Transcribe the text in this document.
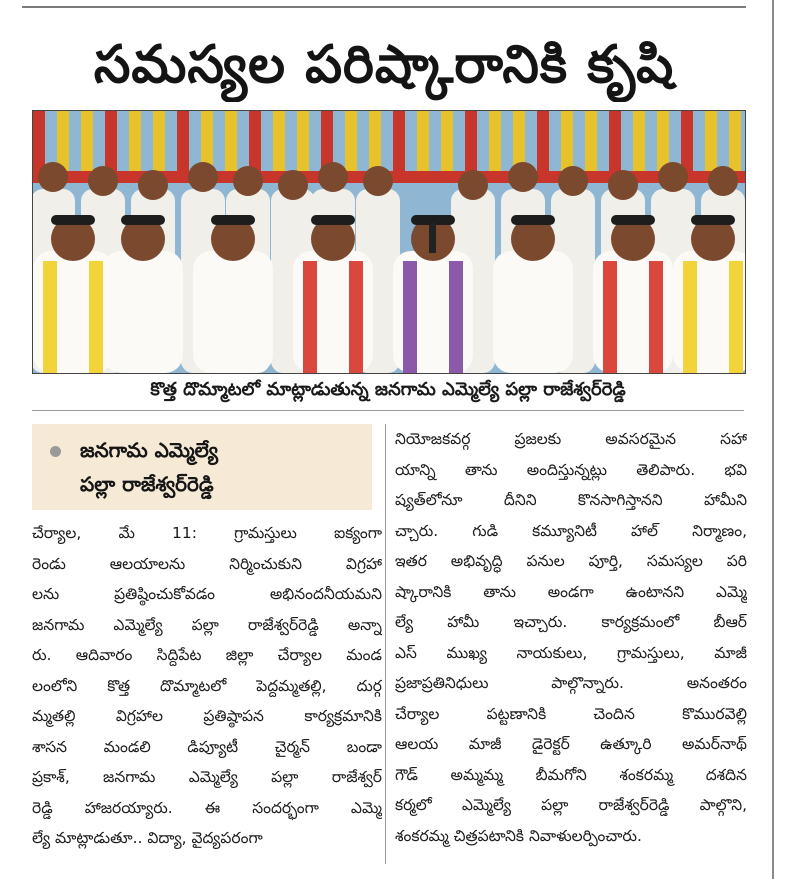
సమస్యల పరిష్కారానికి కృషి
కొత్త దొమ్మాటలో మాట్లాడుతున్న జనగామ ఎమ్మెల్యే పల్లా రాజేశ్వర్‌రెడ్డి
జనగామ ఎమ్మెల్యే
పల్లా రాజేశ్వర్‌రెడ్డి
చేర్యాల, మే 11: గ్రామస్తులు ఐక్యంగా
రెండు ఆలయాలను నిర్మించుకుని విగ్రహా
లను ప్రతిష్ఠించుకోవడం అభినందనీయమని
జనగామ ఎమ్మెల్యే పల్లా రాజేశ్వర్‌రెడ్డి అన్నా
రు. ఆదివారం సిద్దిపేట జిల్లా చేర్యాల మండ
లంలోని కొత్త దొమ్మాటలో పెద్దమ్మతల్లి, దుర్గ
మ్మతల్లి విగ్రహాల ప్రతిష్ఠాపన కార్యక్రమానికి
శాసన మండలి డిప్యూటీ చైర్మన్ బండా
ప్రకాశ్, జనగామ ఎమ్మెల్యే పల్లా రాజేశ్వర్
రెడ్డి హాజరయ్యారు. ఈ సందర్భంగా ఎమ్మె
ల్యే మాట్లాడుతూ.. విద్యా, వైద్యపరంగా
నియోజకవర్గ ప్రజలకు అవసరమైన సహా
యాన్ని తాను అందిస్తున్నట్లు తెలిపారు. భవి
ష్యత్‌లోనూ దీనిని కొనసాగిస్తానని హామీని
చ్చారు. గుడి కమ్యూనిటీ హాల్ నిర్మాణం,
ఇతర అభివృద్ధి పనుల పూర్తి, సమస్యల పరి
ష్కారానికి తాను అండగా ఉంటానని ఎమ్మె
ల్యే హామీ ఇచ్చారు. కార్యక్రమంలో బీఆర్
ఎస్ ముఖ్య నాయకులు, గ్రామస్తులు, మాజీ
ప్రజాప్రతినిధులు పాల్గొన్నారు. అనంతరం
చేర్యాల పట్టణానికి చెందిన కొమురవెల్లి
ఆలయ మాజీ డైరెక్టర్ ఉత్కూరి అమర్‌నాథ్
గౌడ్ అమ్మమ్మ బీమగోని శంకరమ్మ దశదిన
కర్మలో ఎమ్మెల్యే పల్లా రాజేశ్వర్‌రెడ్డి పాల్గొని,
శంకరమ్మ చిత్రపటానికి నివాళులర్పించారు.
